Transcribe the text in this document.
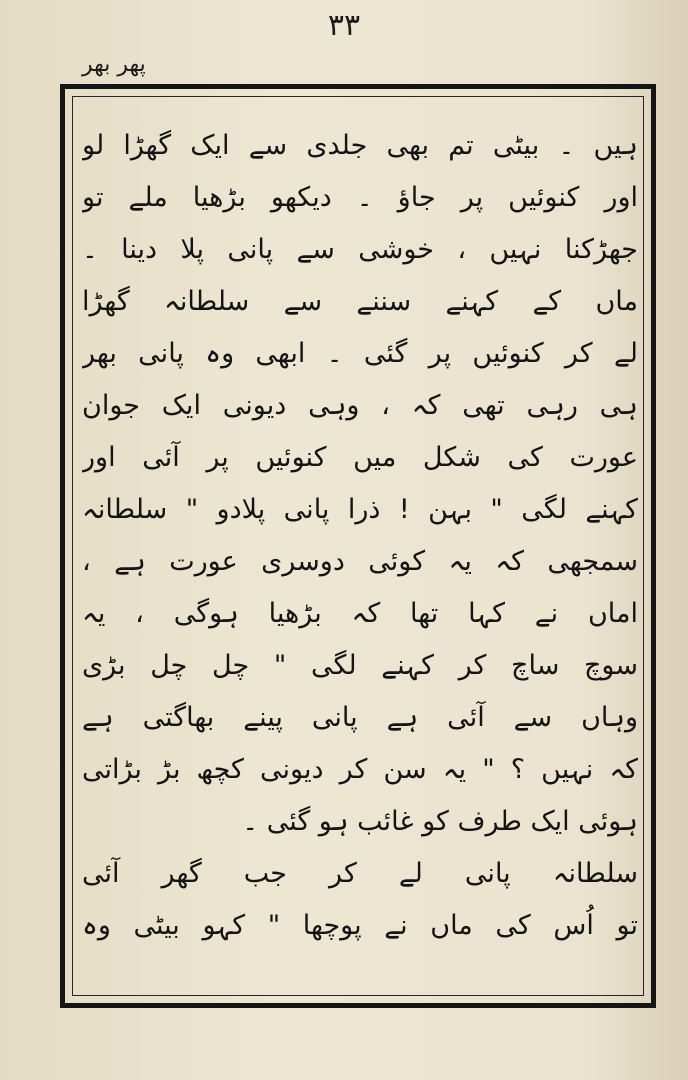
۳۳
پھر بھر
ہیں ۔ بیٹی تم بھی جلدی سے ایک گھڑا لو
اور کنوئیں پر جاؤ ۔ دیکھو بڑھیا ملے تو
جھڑکنا نہیں ، خوشی سے پانی پلا دینا ۔
ماں کے کہنے سننے سے سلطانہ گھڑا
لے کر کنوئیں پر گئی ۔ ابھی وہ پانی بھر
ہی رہی تھی کہ ، وہی دیونی ایک جوان
عورت کی شکل میں کنوئیں پر آئی اور
کہنے لگی " بہن ! ذرا پانی پلادو " سلطانہ
سمجھی کہ یہ کوئی دوسری عورت ہے ،
اماں نے کہا تھا کہ بڑھیا ہوگی ، یہ
سوچ ساچ کر کہنے لگی " چل چل بڑی
وہاں سے آئی ہے پانی پینے بھاگتی ہے
کہ نہیں ؟ " یہ سن کر دیونی کچھ بڑ بڑاتی
ہوئی ایک طرف کو غائب ہو گئی ۔
سلطانہ پانی لے کر جب گھر آئی
تو اُس کی ماں نے پوچھا " کہو بیٹی وہ
